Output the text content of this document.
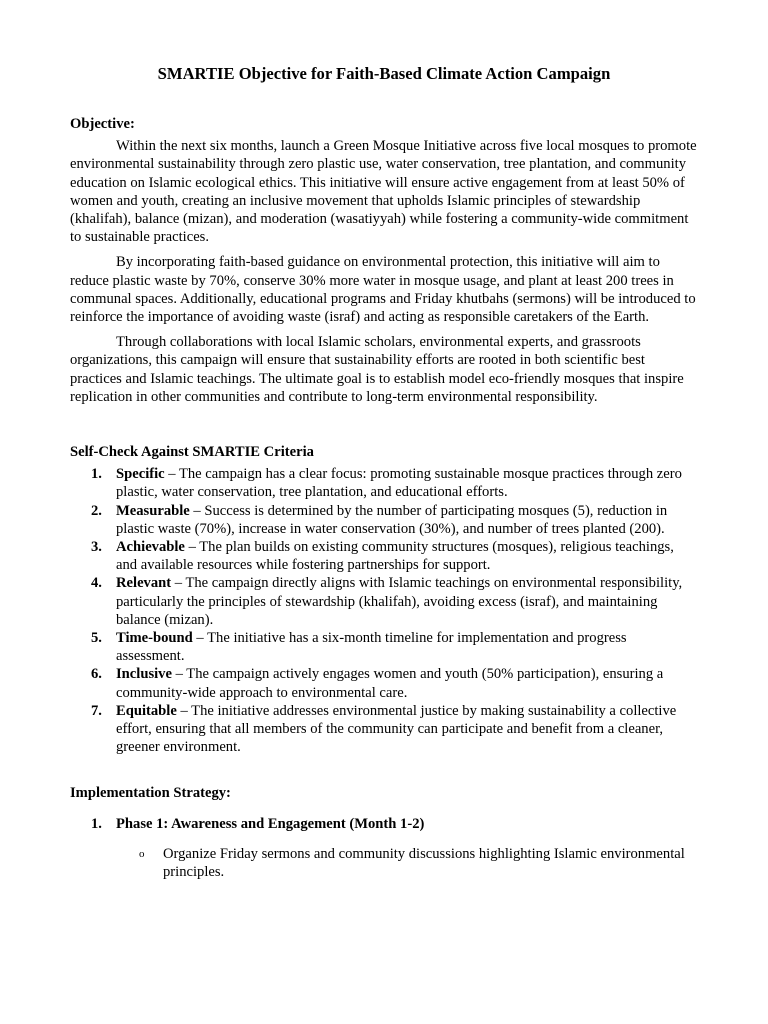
SMARTIE Objective for Faith-Based Climate Action Campaign
Objective:

Within the next six months, launch a Green Mosque Initiative across five local mosques to promote environmental sustainability through zero plastic use, water conservation, tree plantation, and community education on Islamic ecological ethics. This initiative will ensure active engagement from at least 50% of women and youth, creating an inclusive movement that upholds Islamic principles of stewardship (khalifah), balance (mizan), and moderation (wasatiyyah) while fostering a community-wide commitment to sustainable practices.

By incorporating faith-based guidance on environmental protection, this initiative will aim to reduce plastic waste by 70%, conserve 30% more water in mosque usage, and plant at least 200 trees in communal spaces. Additionally, educational programs and Friday khutbahs (sermons) will be introduced to reinforce the importance of avoiding waste (israf) and acting as responsible caretakers of the Earth.

Through collaborations with local Islamic scholars, environmental experts, and grassroots organizations, this campaign will ensure that sustainability efforts are rooted in both scientific best practices and Islamic teachings. The ultimate goal is to establish model eco-friendly mosques that inspire replication in other communities and contribute to long-term environmental responsibility.

Self-Check Against SMARTIE Criteria
1. Specific – The campaign has a clear focus: promoting sustainable mosque practices through zero plastic, water conservation, tree plantation, and educational efforts.
2. Measurable – Success is determined by the number of participating mosques (5), reduction in plastic waste (70%), increase in water conservation (30%), and number of trees planted (200).
3. Achievable – The plan builds on existing community structures (mosques), religious teachings, and available resources while fostering partnerships for support.
4. Relevant – The campaign directly aligns with Islamic teachings on environmental responsibility, particularly the principles of stewardship (khalifah), avoiding excess (israf), and maintaining balance (mizan).
5. Time-bound – The initiative has a six-month timeline for implementation and progress assessment.
6. Inclusive – The campaign actively engages women and youth (50% participation), ensuring a community-wide approach to environmental care.
7. Equitable – The initiative addresses environmental justice by making sustainability a collective effort, ensuring that all members of the community can participate and benefit from a cleaner, greener environment.
Implementation Strategy:
1. Phase 1: Awareness and Engagement (Month 1-2)
o Organize Friday sermons and community discussions highlighting Islamic environmental principles.
